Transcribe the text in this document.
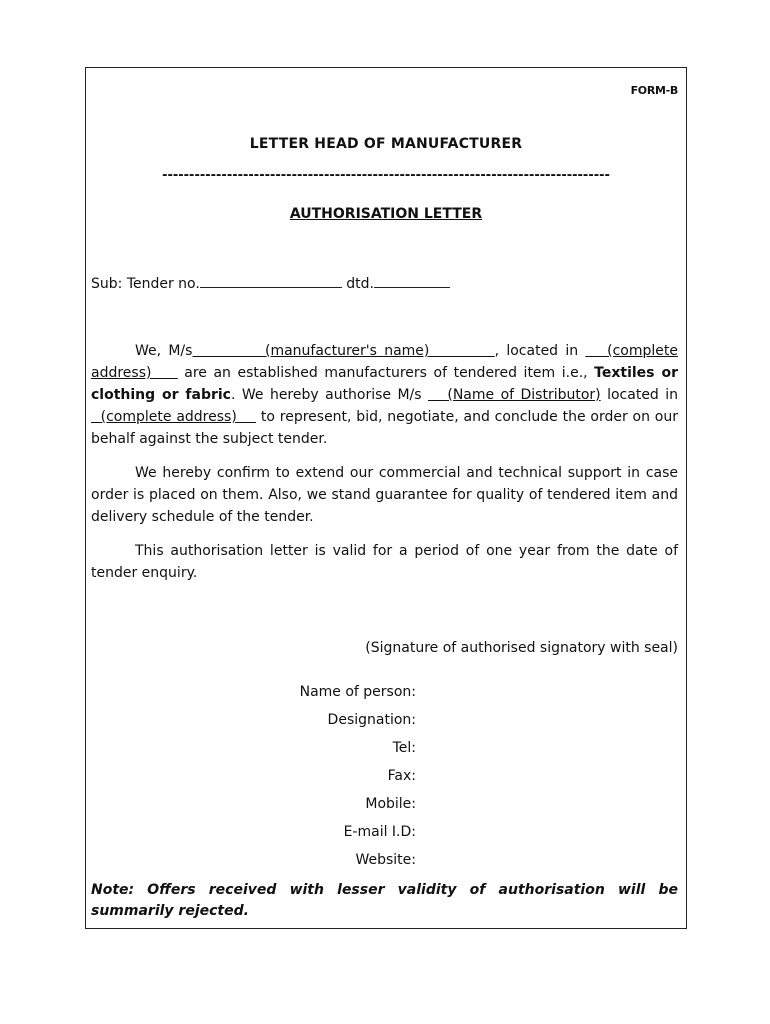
FORM-B
LETTER HEAD OF MANUFACTURER
-----------------------------------------------------------------------------------
AUTHORISATION LETTER
Sub: Tender no.	dtd.
We, M/s	(manufacturer's name)	, located in (complete address) are an established manufacturers of tendered item i.e., Textiles or clothing or fabric. We hereby authorise M/s (Name of Distributor) located in   (complete address) to represent, bid, negotiate, and conclude the order on our behalf against the subject tender.
We hereby confirm to extend our commercial and technical support in case order is placed on them. Also, we stand guarantee for quality of tendered item and delivery schedule of the tender.
This authorisation letter is valid for a period of one year from the date of tender enquiry.
(Signature of authorised signatory with seal)
Name of person:
Designation:
Tel:
Fax:
Mobile:
E-mail I.D:
Website:
Note: Offers received with lesser validity of authorisation will be summarily rejected.
